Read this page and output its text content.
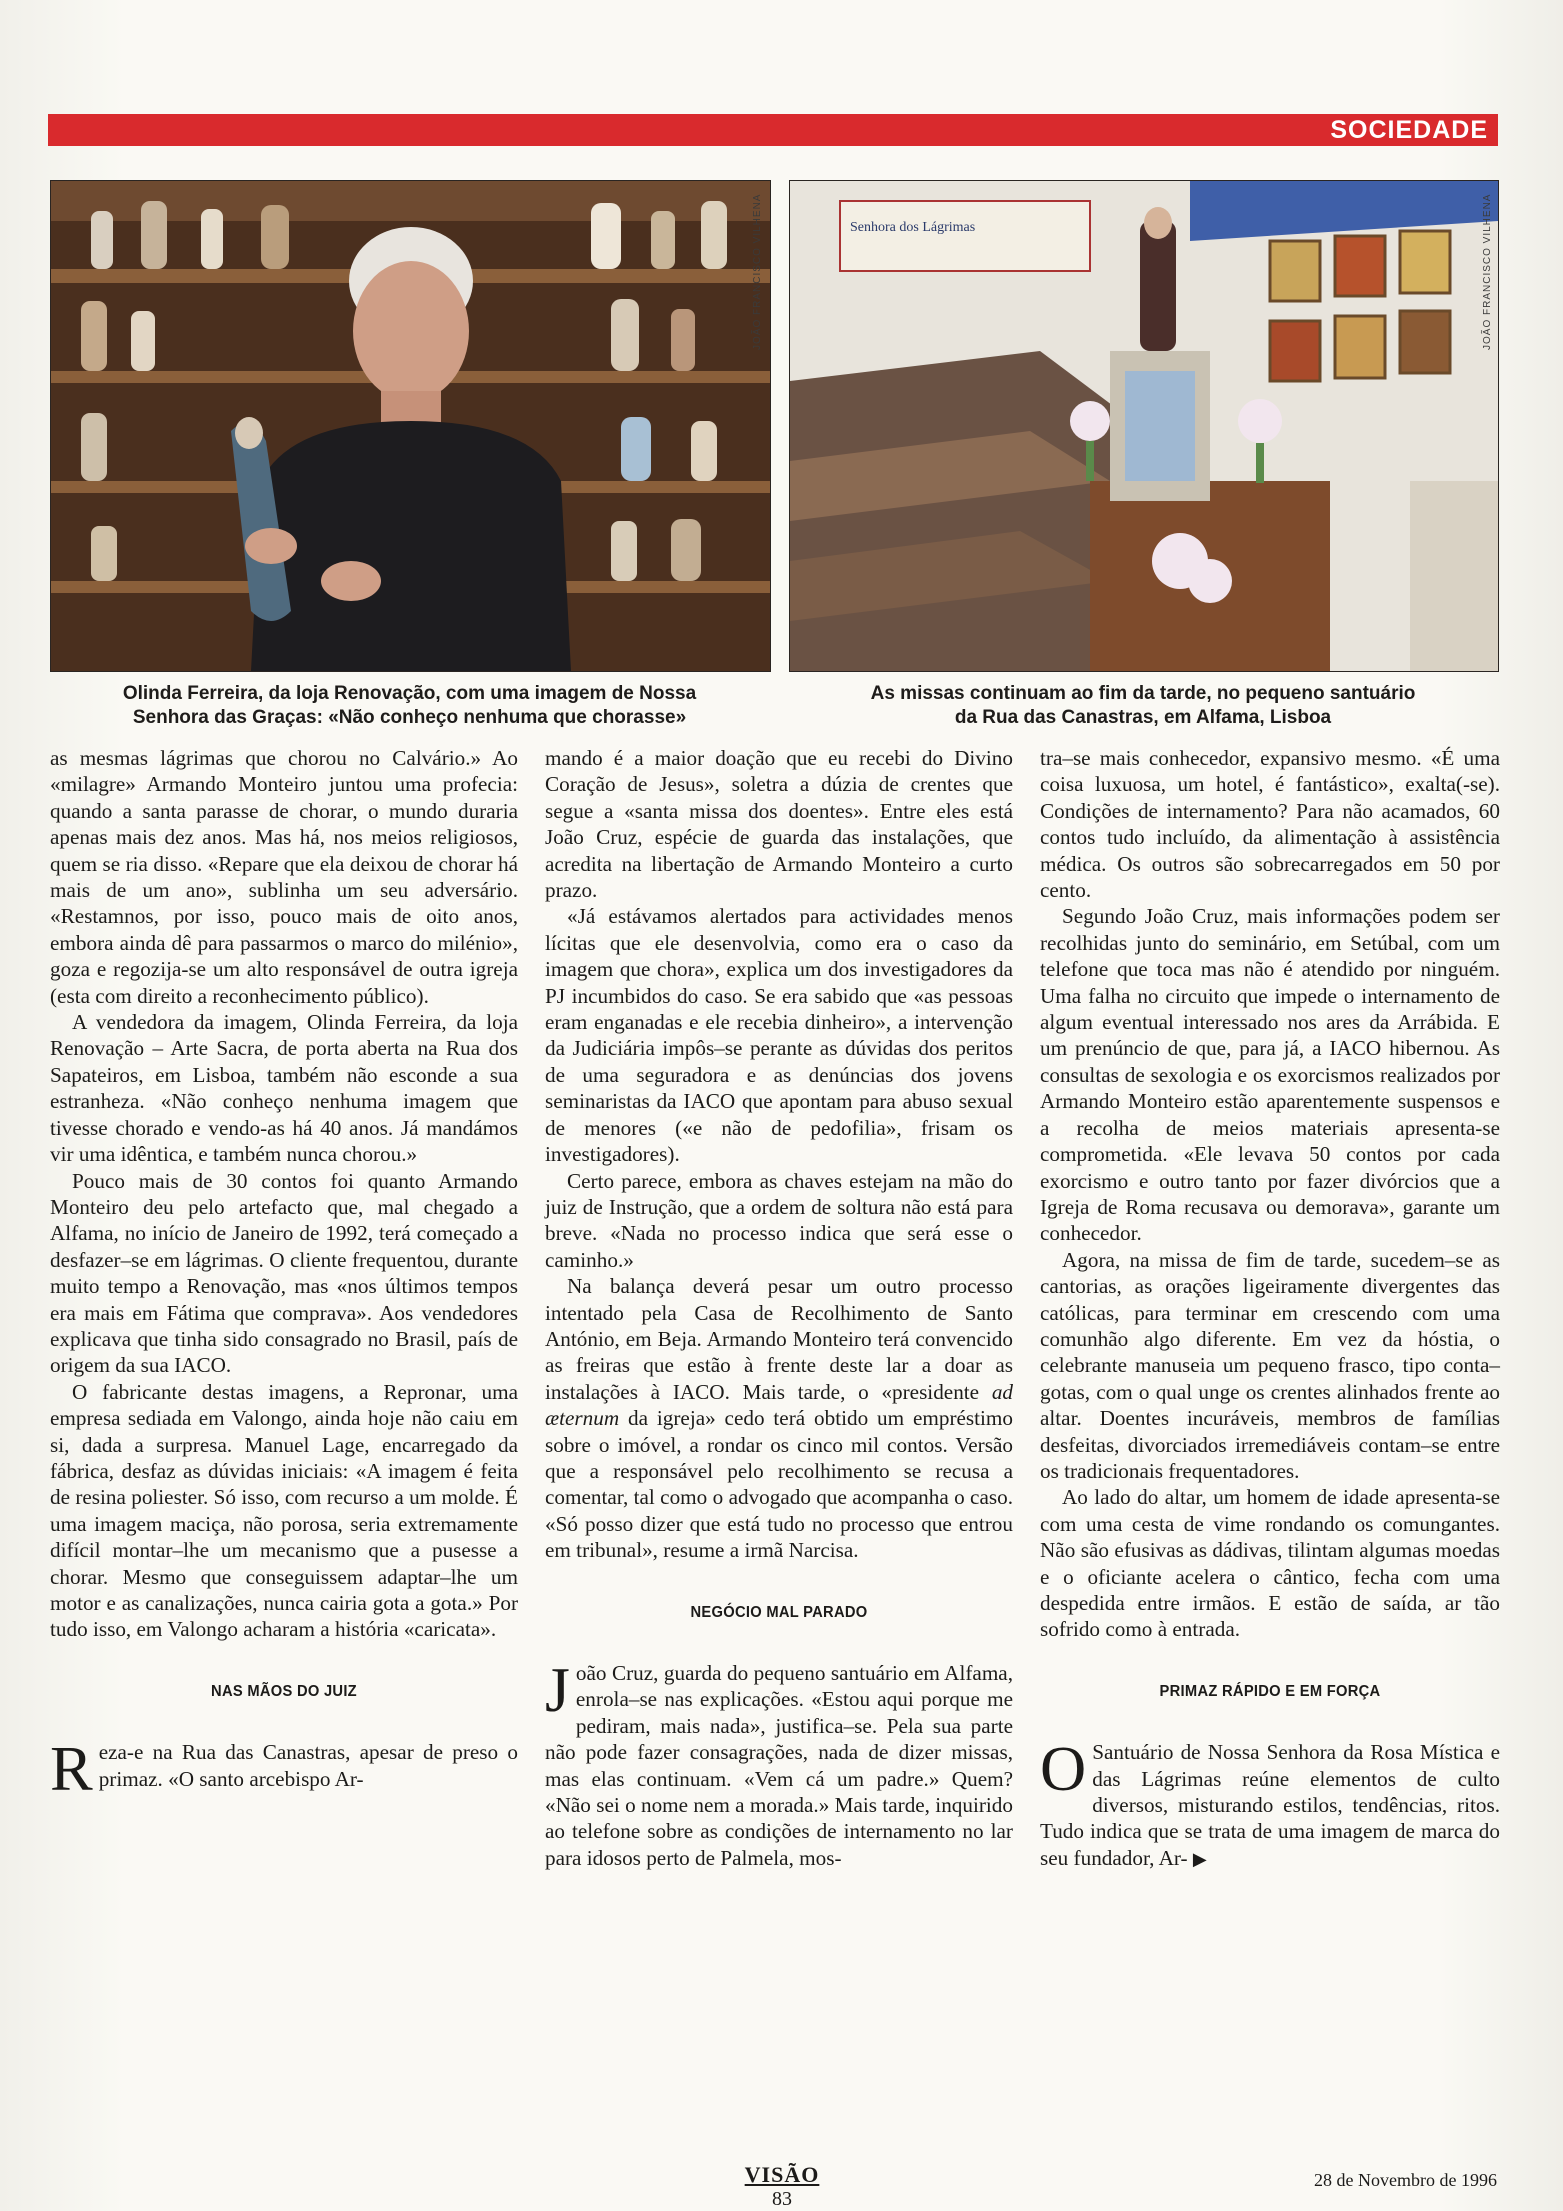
SOCIEDADE
JOÃO FRANCISCO VILHENA	Senhora dos Lágrimas	JOÃO FRANCISCO VILHENA
Olinda Ferreira, da loja Renovação, com uma imagem de Nossa
Senhora das Graças: «Não conheço nenhuma que chorasse»
As missas continuam ao fim da tarde, no pequeno santuário
da Rua das Canastras, em Alfama, Lisboa

as mesmas lágrimas que chorou no Calvário.» Ao «milagre» Armando Monteiro juntou uma profecia: quando a santa parasse de chorar, o mundo duraria apenas mais dez anos. Mas há, nos meios religiosos, quem se ria disso. «Repare que ela deixou de chorar há mais de um ano», sublinha um seu adversário. «Restamnos, por isso, pouco mais de oito anos, embora ainda dê para passarmos o marco do milénio», goza e regozija-se um alto responsável de outra igreja (esta com direito a reconhecimento público).

A vendedora da imagem, Olinda Ferreira, da loja Renovação – Arte Sacra, de porta aberta na Rua dos Sapateiros, em Lisboa, também não esconde a sua estranheza. «Não conheço nenhuma imagem que tivesse chorado e vendo-as há 40 anos. Já mandámos vir uma idêntica, e também nunca chorou.»

Pouco mais de 30 contos foi quanto Armando Monteiro deu pelo artefacto que, mal chegado a Alfama, no início de Janeiro de 1992, terá começado a desfazer–se em lágrimas. O cliente frequentou, durante muito tempo a Renovação, mas «nos últimos tempos era mais em Fátima que comprava». Aos vendedores explicava que tinha sido consagrado no Brasil, país de origem da sua IACO.

O fabricante destas imagens, a Repronar, uma empresa sediada em Valongo, ainda hoje não caiu em si, dada a surpresa. Manuel Lage, encarregado da fábrica, desfaz as dúvidas iniciais: «A imagem é feita de resina poliester. Só isso, com recurso a um molde. É uma imagem maciça, não porosa, seria extremamente difícil montar–lhe um mecanismo que a pusesse a chorar. Mesmo que conseguissem adaptar–lhe um motor e as canalizações, nunca cairia gota a gota.» Por tudo isso, em Valongo acharam a história «caricata».

NAS MÃOS DO JUIZ

Reza-e na Rua das Canastras, apesar de preso o primaz. «O santo arcebispo Ar-

mando é a maior doação que eu recebi do Divino Coração de Jesus», soletra a dúzia de crentes que segue a «santa missa dos doentes». Entre eles está João Cruz, espécie de guarda das instalações, que acredita na libertação de Armando Monteiro a curto prazo.

«Já estávamos alertados para actividades menos lícitas que ele desenvolvia, como era o caso da imagem que chora», explica um dos investigadores da PJ incumbidos do caso. Se era sabido que «as pessoas eram enganadas e ele recebia dinheiro», a intervenção da Judiciária impôs–se perante as dúvidas dos peritos de uma seguradora e as denúncias dos jovens seminaristas da IACO que apontam para abuso sexual de menores («e não de pedofilia», frisam os investigadores).

Certo parece, embora as chaves estejam na mão do juiz de Instrução, que a ordem de soltura não está para breve. «Nada no processo indica que será esse o caminho.»

Na balança deverá pesar um outro processo intentado pela Casa de Recolhimento de Santo António, em Beja. Armando Monteiro terá convencido as freiras que estão à frente deste lar a doar as instalações à IACO. Mais tarde, o «presidente ad æternum da igreja» cedo terá obtido um empréstimo sobre o imóvel, a rondar os cinco mil contos. Versão que a responsável pelo recolhimento se recusa a comentar, tal como o advogado que acompanha o caso. «Só posso dizer que está tudo no processo que entrou em tribunal», resume a irmã Narcisa.

NEGÓCIO MAL PARADO

João Cruz, guarda do pequeno santuário em Alfama, enrola–se nas explicações. «Estou aqui porque me pediram, mais nada», justifica–se. Pela sua parte não pode fazer consagrações, nada de dizer missas, mas elas continuam. «Vem cá um padre.» Quem? «Não sei o nome nem a morada.» Mais tarde, inquirido ao telefone sobre as condições de internamento no lar para idosos perto de Palmela, mos-

tra–se mais conhecedor, expansivo mesmo. «É uma coisa luxuosa, um hotel, é fantástico», exalta(-se). Condições de internamento? Para não acamados, 60 contos tudo incluído, da alimentação à assistência médica. Os outros são sobrecarregados em 50 por cento.

Segundo João Cruz, mais informações podem ser recolhidas junto do seminário, em Setúbal, com um telefone que toca mas não é atendido por ninguém. Uma falha no circuito que impede o internamento de algum eventual interessado nos ares da Arrábida. E um prenúncio de que, para já, a IACO hibernou. As consultas de sexologia e os exorcismos realizados por Armando Monteiro estão aparentemente suspensos e a recolha de meios materiais apresenta-se comprometida. «Ele levava 50 contos por cada exorcismo e outro tanto por fazer divórcios que a Igreja de Roma recusava ou demorava», garante um conhecedor.

Agora, na missa de fim de tarde, sucedem–se as cantorias, as orações ligeiramente divergentes das católicas, para terminar em crescendo com uma comunhão algo diferente. Em vez da hóstia, o celebrante manuseia um pequeno frasco, tipo conta–gotas, com o qual unge os crentes alinhados frente ao altar. Doentes incuráveis, membros de famílias desfeitas, divorciados irremediáveis contam–se entre os tradicionais frequentadores.

Ao lado do altar, um homem de idade apresenta-se com uma cesta de vime rondando os comungantes. Não são efusivas as dádivas, tilintam algumas moedas e o oficiante acelera o cântico, fecha com uma despedida entre irmãos. E estão de saída, ar tão sofrido como à entrada.

PRIMAZ RÁPIDO E EM FORÇA

O Santuário de Nossa Senhora da Rosa Mística e das Lágrimas reúne elementos de culto diversos, misturando estilos, tendências, ritos. Tudo indica que se trata de uma imagem de marca do seu fundador, Ar- ▶

VISÃO
83
28 de Novembro de 1996
